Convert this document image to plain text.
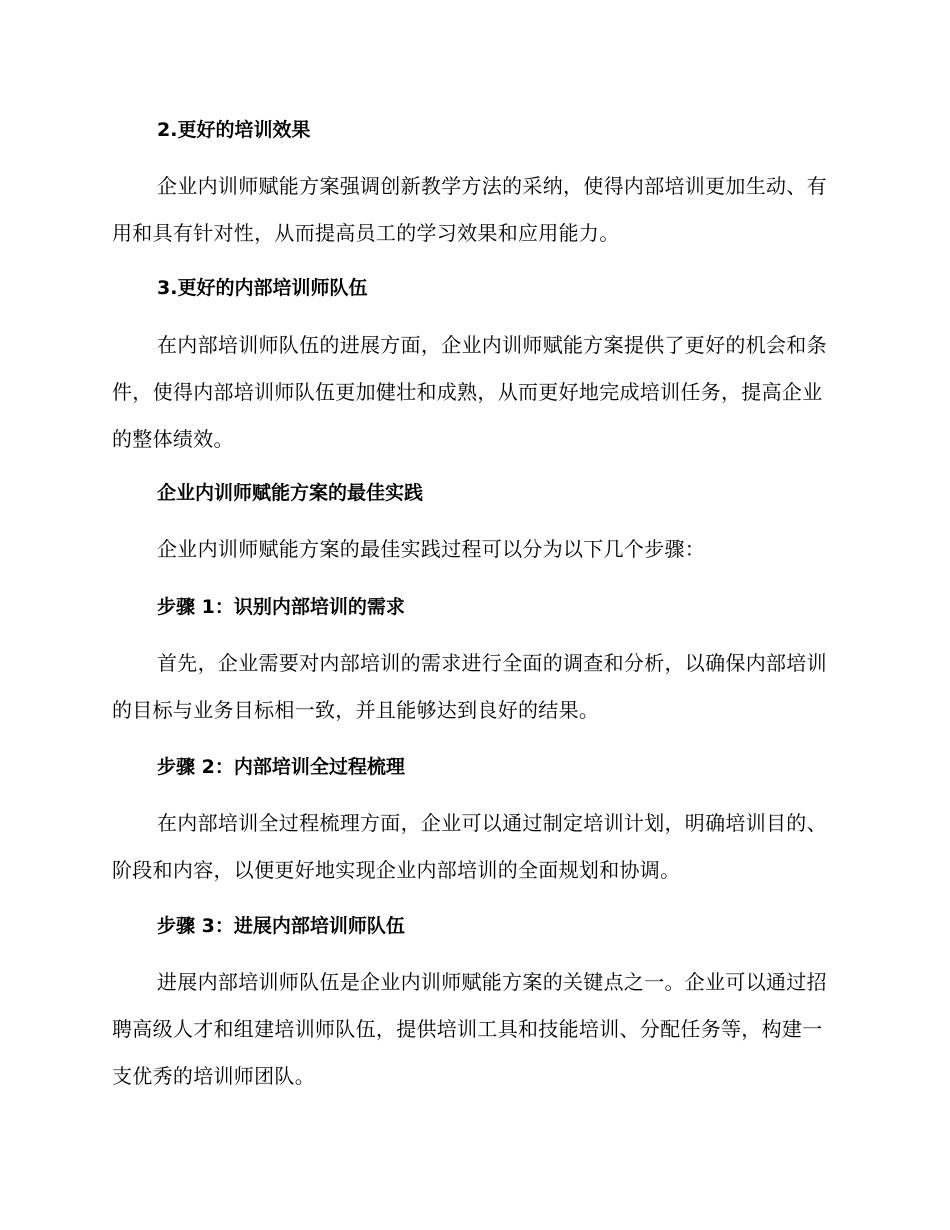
2.更好的培训效果

企业内训师赋能方案强调创新教学方法的采纳，使得内部培训更加生动、有用和具有针对性，从而提高员工的学习效果和应用能力。

3.更好的内部培训师队伍

在内部培训师队伍的进展方面，企业内训师赋能方案提供了更好的机会和条件，使得内部培训师队伍更加健壮和成熟，从而更好地完成培训任务，提高企业的整体绩效。

企业内训师赋能方案的最佳实践

企业内训师赋能方案的最佳实践过程可以分为以下几个步骤：

步骤 1：识别内部培训的需求

首先，企业需要对内部培训的需求进行全面的调查和分析，以确保内部培训的目标与业务目标相一致，并且能够达到良好的结果。

步骤 2：内部培训全过程梳理

在内部培训全过程梳理方面，企业可以通过制定培训计划，明确培训目的、阶段和内容，以便更好地实现企业内部培训的全面规划和协调。

步骤 3：进展内部培训师队伍

进展内部培训师队伍是企业内训师赋能方案的关键点之一。企业可以通过招聘高级人才和组建培训师队伍，提供培训工具和技能培训、分配任务等，构建一支优秀的培训师团队。
